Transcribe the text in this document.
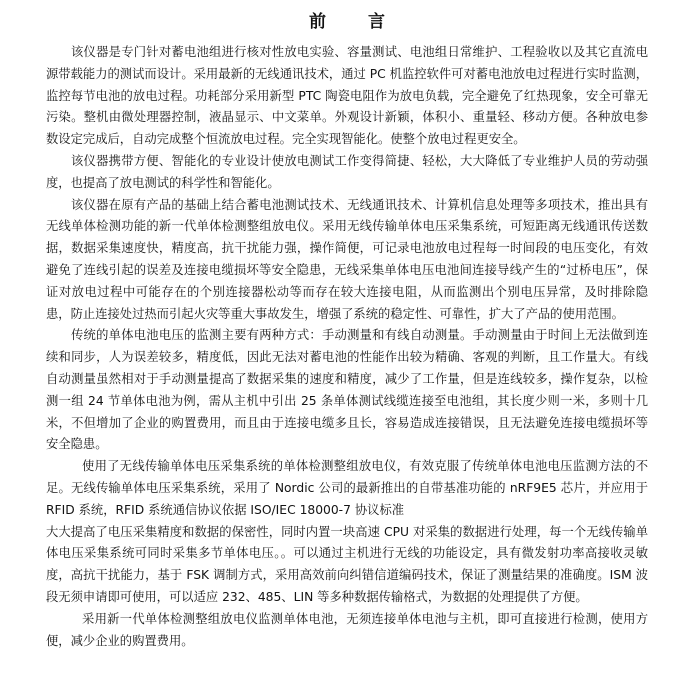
前 言

该仪器是专门针对蓄电池组进行核对性放电实验、容量测试、电池组日常维护、工程验收以及其它直流电源带载能力的测试而设计。采用最新的无线通讯技术，通过 PC 机监控软件可对蓄电池放电过程进行实时监测，监控每节电池的放电过程。功耗部分采用新型 PTC 陶瓷电阻作为放电负载，完全避免了红热现象，安全可靠无污染。整机由微处理器控制，液晶显示、中文菜单。外观设计新颖，体积小、重量轻、移动方便。各种放电参数设定完成后，自动完成整个恒流放电过程。完全实现智能化。使整个放电过程更安全。

该仪器携带方便、智能化的专业设计使放电测试工作变得简捷、轻松，大大降低了专业维护人员的劳动强度，也提高了放电测试的科学性和智能化。

该仪器在原有产品的基础上结合蓄电池测试技术、无线通讯技术、计算机信息处理等多项技术，推出具有无线单体检测功能的新一代单体检测整组放电仪。采用无线传输单体电压采集系统，可短距离无线通讯传送数据，数据采集速度快，精度高，抗干扰能力强，操作简便，可记录电池放电过程每一时间段的电压变化，有效避免了连线引起的误差及连接电缆损坏等安全隐患，无线采集单体电压电池间连接导线产生的“过桥电压”，保证对放电过程中可能存在的个别连接器松动等而存在较大连接电阻，从而监测出个别电压异常，及时排除隐患，防止连接处过热而引起火灾等重大事故发生，增强了系统的稳定性、可靠性，扩大了产品的使用范围。

传统的单体电池电压的监测主要有两种方式：手动测量和有线自动测量。手动测量由于时间上无法做到连续和同步，人为误差较多，精度低，因此无法对蓄电池的性能作出较为精确、客观的判断，且工作量大。有线自动测量虽然相对于手动测量提高了数据采集的速度和精度，减少了工作量，但是连线较多，操作复杂，以检测一组 24 节单体电池为例，需从主机中引出 25 条单体测试线缆连接至电池组，其长度少则一米，多则十几米，不但增加了企业的购置费用，而且由于连接电缆多且长，容易造成连接错误，且无法避免连接电缆损坏等安全隐患。

使用了无线传输单体电压采集系统的单体检测整组放电仪，有效克服了传统单体电池电压监测方法的不足。无线传输单体电压采集系统，采用了 Nordic 公司的最新推出的自带基准功能的 nRF9E5 芯片，并应用于 RFID 系统，RFID 系统通信协议依据 ISO/IEC 18000-7 协议标准

大大提高了电压采集精度和数据的保密性，同时内置一块高速 CPU 对采集的数据进行处理，每一个无线传输单体电压采集系统可同时采集多节单体电压。。可以通过主机进行无线的功能设定，具有微发射功率高接收灵敏度，高抗干扰能力，基于 FSK 调制方式，采用高效前向纠错信道编码技术，保证了测量结果的准确度。ISM 波段无须申请即可使用，可以适应 232、485、LIN 等多种数据传输格式，为数据的处理提供了方便。

采用新一代单体检测整组放电仪监测单体电池，无须连接单体电池与主机，即可直接进行检测，使用方便，减少企业的购置费用。
